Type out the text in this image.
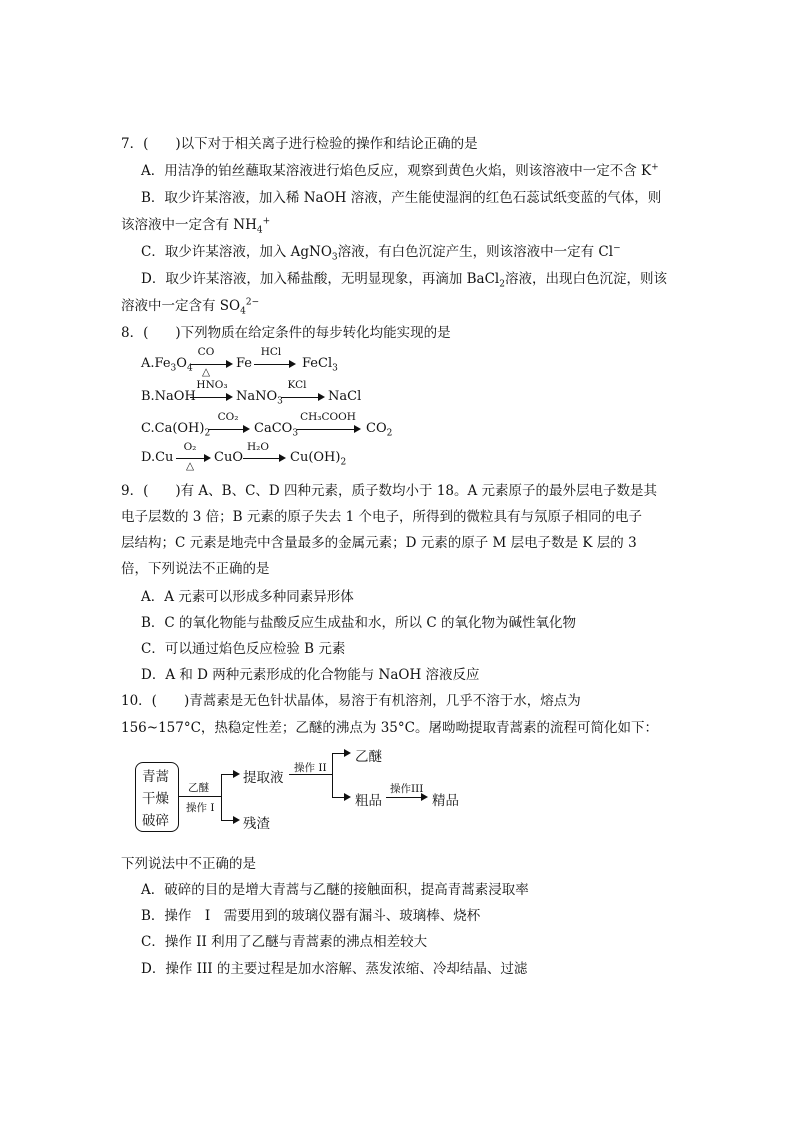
7．(　　)以下对于相关离子进行检验的操作和结论正确的是
A．用洁净的铂丝蘸取某溶液进行焰色反应，观察到黄色火焰，则该溶液中一定不含 K+
B．取少许某溶液，加入稀 NaOH 溶液，产生能使湿润的红色石蕊试纸变蓝的气体，则
该溶液中一定含有 $NH_4^+$
C．取少许某溶液，加入 AgNO$_3$溶液，有白色沉淀产生，则该溶液中一定有 Cl−
D．取少许某溶液，加入稀盐酸，无明显现象，再滴加 BaCl$_2$溶液，出现白色沉淀，则该
溶液中一定含有 $SO_4^{2-}$
8．(　　)下列物质在给定条件的每步转化均能实现的是
$A.Fe_3O_4$
CO
△
Fe
HCl
FeCl$_3$
B.NaOH
HNO₃
NaNO$_3$
KCl
NaCl
$C.Ca(OH)_2$
CO₂
CaCO$_3$
CH₃COOH
$CO_2$
D.Cu
O₂
△
CuO
H₂O
$Cu(OH)_2$
9．(　　)有 A、B、C、D 四种元素，质子数均小于 18。A 元素原子的最外层电子数是其
电子层数的 3 倍；B 元素的原子失去 1 个电子，所得到的微粒具有与氖原子相同的电子
层结构；C 元素是地壳中含量最多的金属元素；D 元素的原子 M 层电子数是 K 层的 3
倍，下列说法不正确的是
A．A 元素可以形成多种同素异形体
B．C 的氧化物能与盐酸反应生成盐和水，所以 C 的氧化物为碱性氧化物
C．可以通过焰色反应检验 B 元素
D．A 和 D 两种元素形成的化合物能与 NaOH 溶液反应
10．(　　)青蒿素是无色针状晶体，易溶于有机溶剂，几乎不溶于水，熔点为
156~157°C，热稳定性差；乙醚的沸点为 35°C。屠呦呦提取青蒿素的流程可简化如下：
青蒿
干燥
破碎
乙醚
操作 I
提取液
残渣
操作 II
乙醚
粗品
操作III
精品
下列说法中不正确的是
A．破碎的目的是增大青蒿与乙醚的接触面积，提高青蒿素浸取率
B．操作　I　需要用到的玻璃仪器有漏斗、玻璃棒、烧杯
C．操作 II 利用了乙醚与青蒿素的沸点相差较大
D．操作 III 的主要过程是加水溶解、蒸发浓缩、冷却结晶、过滤
